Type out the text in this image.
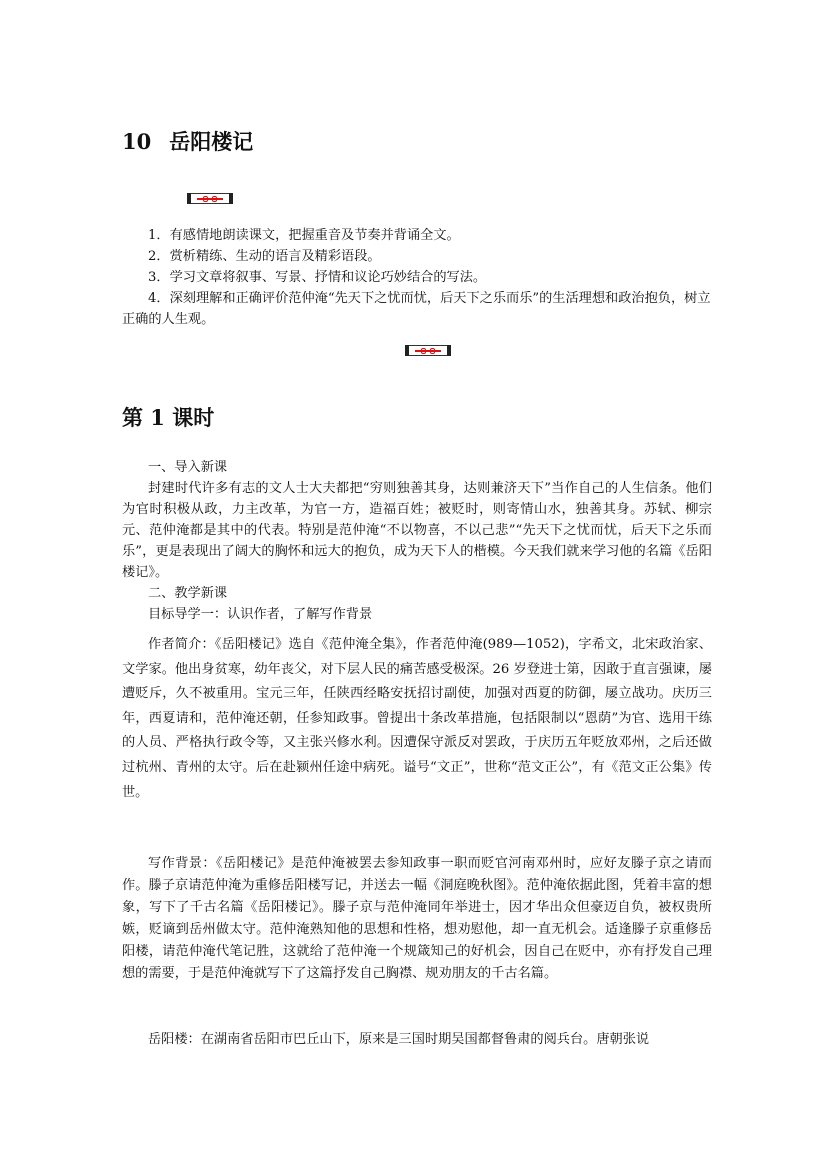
10 岳阳楼记

1．有感情地朗读课文，把握重音及节奏并背诵全文。

2．赏析精练、生动的语言及精彩语段。

3．学习文章将叙事、写景、抒情和议论巧妙结合的写法。

4．深刻理解和正确评价范仲淹“先天下之忧而忧，后天下之乐而乐”的生活理想和政治抱负，树立正确的人生观。

第 1 课时

一、导入新课

封建时代许多有志的文人士大夫都把“穷则独善其身，达则兼济天下”当作自己的人生信条。他们为官时积极从政，力主改革，为官一方，造福百姓；被贬时，则寄情山水，独善其身。苏轼、柳宗元、范仲淹都是其中的代表。特别是范仲淹“不以物喜，不以己悲”“先天下之忧而忧，后天下之乐而乐”，更是表现出了阔大的胸怀和远大的抱负，成为天下人的楷模。今天我们就来学习他的名篇《岳阳楼记》。

二、教学新课

目标导学一：认识作者，了解写作背景

作者简介：《岳阳楼记》选自《范仲淹全集》，作者范仲淹(989—1052)，字希文，北宋政治家、文学家。他出身贫寒，幼年丧父，对下层人民的痛苦感受极深。26 岁登进士第，因敢于直言强谏，屡遭贬斥，久不被重用。宝元三年，任陕西经略安抚招讨副使，加强对西夏的防御，屡立战功。庆历三年，西夏请和，范仲淹还朝，任参知政事。曾提出十条改革措施，包括限制以“恩荫”为官、选用干练的人员、严格执行政令等，又主张兴修水利。因遭保守派反对罢政，于庆历五年贬放邓州，之后还做过杭州、青州的太守。后在赴颍州任途中病死。谥号“文正”，世称“范文正公”，有《范文正公集》传世。

写作背景：《岳阳楼记》是范仲淹被罢去参知政事一职而贬官河南邓州时，应好友滕子京之请而作。滕子京请范仲淹为重修岳阳楼写记，并送去一幅《洞庭晚秋图》。范仲淹依据此图，凭着丰富的想象，写下了千古名篇《岳阳楼记》。滕子京与范仲淹同年举进士，因才华出众但豪迈自负，被权贵所嫉，贬谪到岳州做太守。范仲淹熟知他的思想和性格，想劝慰他，却一直无机会。适逢滕子京重修岳阳楼，请范仲淹代笔记胜，这就给了范仲淹一个规箴知己的好机会，因自己在贬中，亦有抒发自己理想的需要，于是范仲淹就写下了这篇抒发自己胸襟、规劝朋友的千古名篇。

岳阳楼：在湖南省岳阳市巴丘山下，原来是三国时期吴国都督鲁肃的阅兵台。唐朝张说
